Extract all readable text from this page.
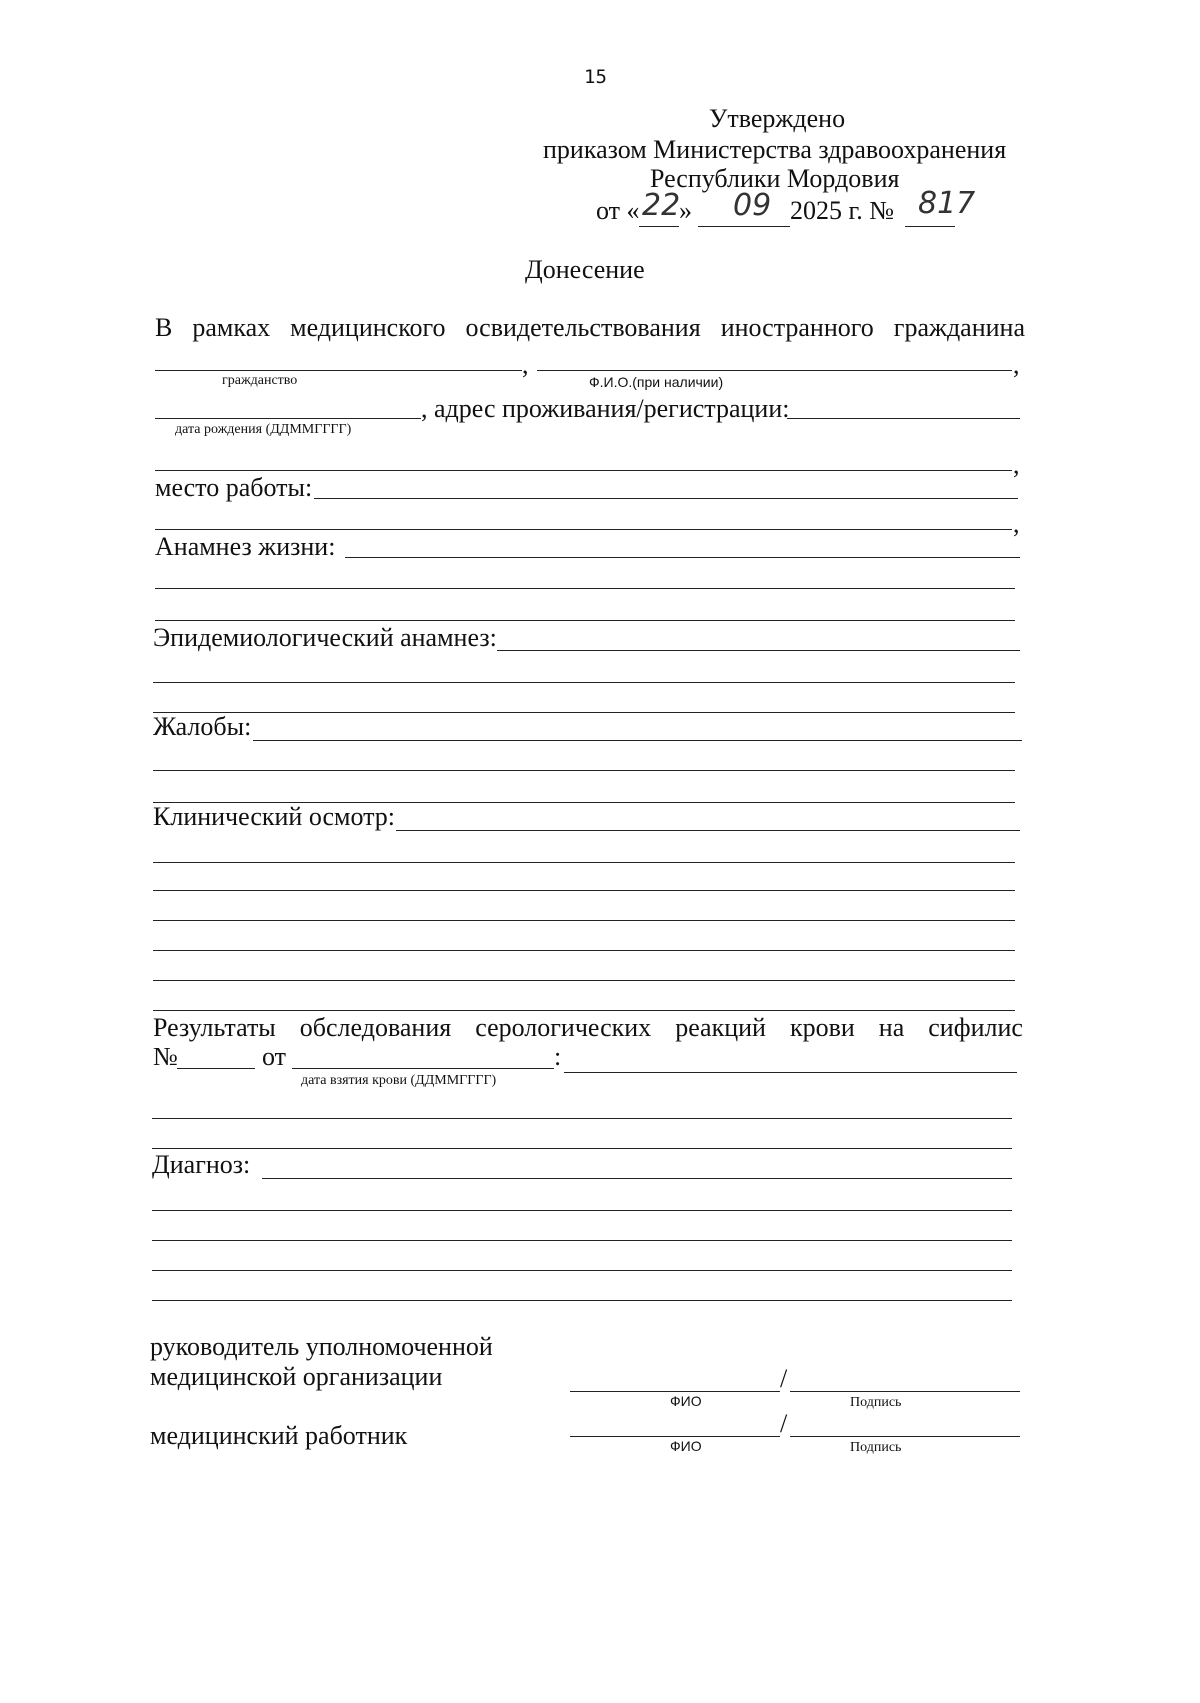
15
Утверждено
приказом Министерства здравоохранения
Республики Мордовия
от « 22
» 09 2025 г. № 817
Донесение
В рамках медицинского освидетельствования иностранного гражданина
,	,
гражданство	Ф.И.О.(при наличии)
, адрес проживания/регистрации:
дата рождения (ДДММГГГГ)
,
место работы:
,
Анамнез жизни:
Эпидемиологический анамнез:
Жалобы:
Клинический осмотр:
Результаты обследования серологических реакций крови на сифилис
№	от	:
дата взятия крови (ДДММГГГГ)
Диагноз:
руководитель уполномоченной
медицинской организации	/
ФИО	Подпись
медицинский работник	/
ФИО	Подпись
